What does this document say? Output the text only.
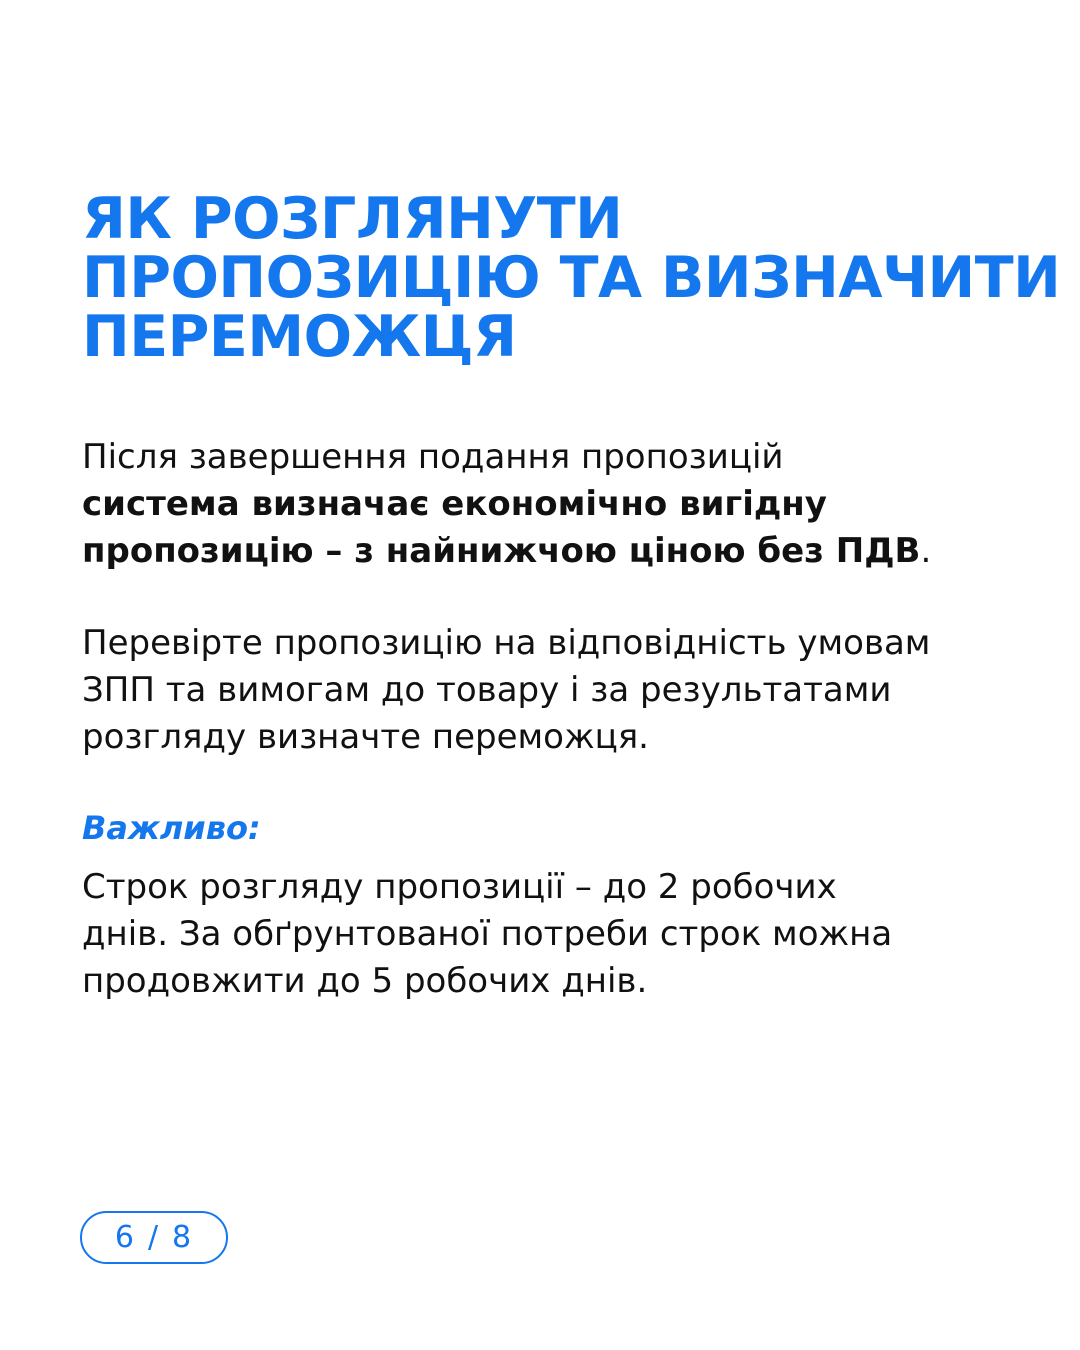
ЯК РОЗГЛЯНУТИ
ПРОПОЗИЦІЮ ТА ВИЗНАЧИТИ
ПЕРЕМОЖЦЯ

Після завершення подання пропозицій
система визначає економічно вигідну
пропозицію – з найнижчою ціною без ПДВ.

Перевірте пропозицію на відповідність умовам
ЗПП та вимогам до товару і за результатами
розгляду визначте переможця.

Важливо:

Строк розгляду пропозиції – до 2 робочих
днів. За обґрунтованої потреби строк можна
продовжити до 5 робочих днів.

6 / 8
